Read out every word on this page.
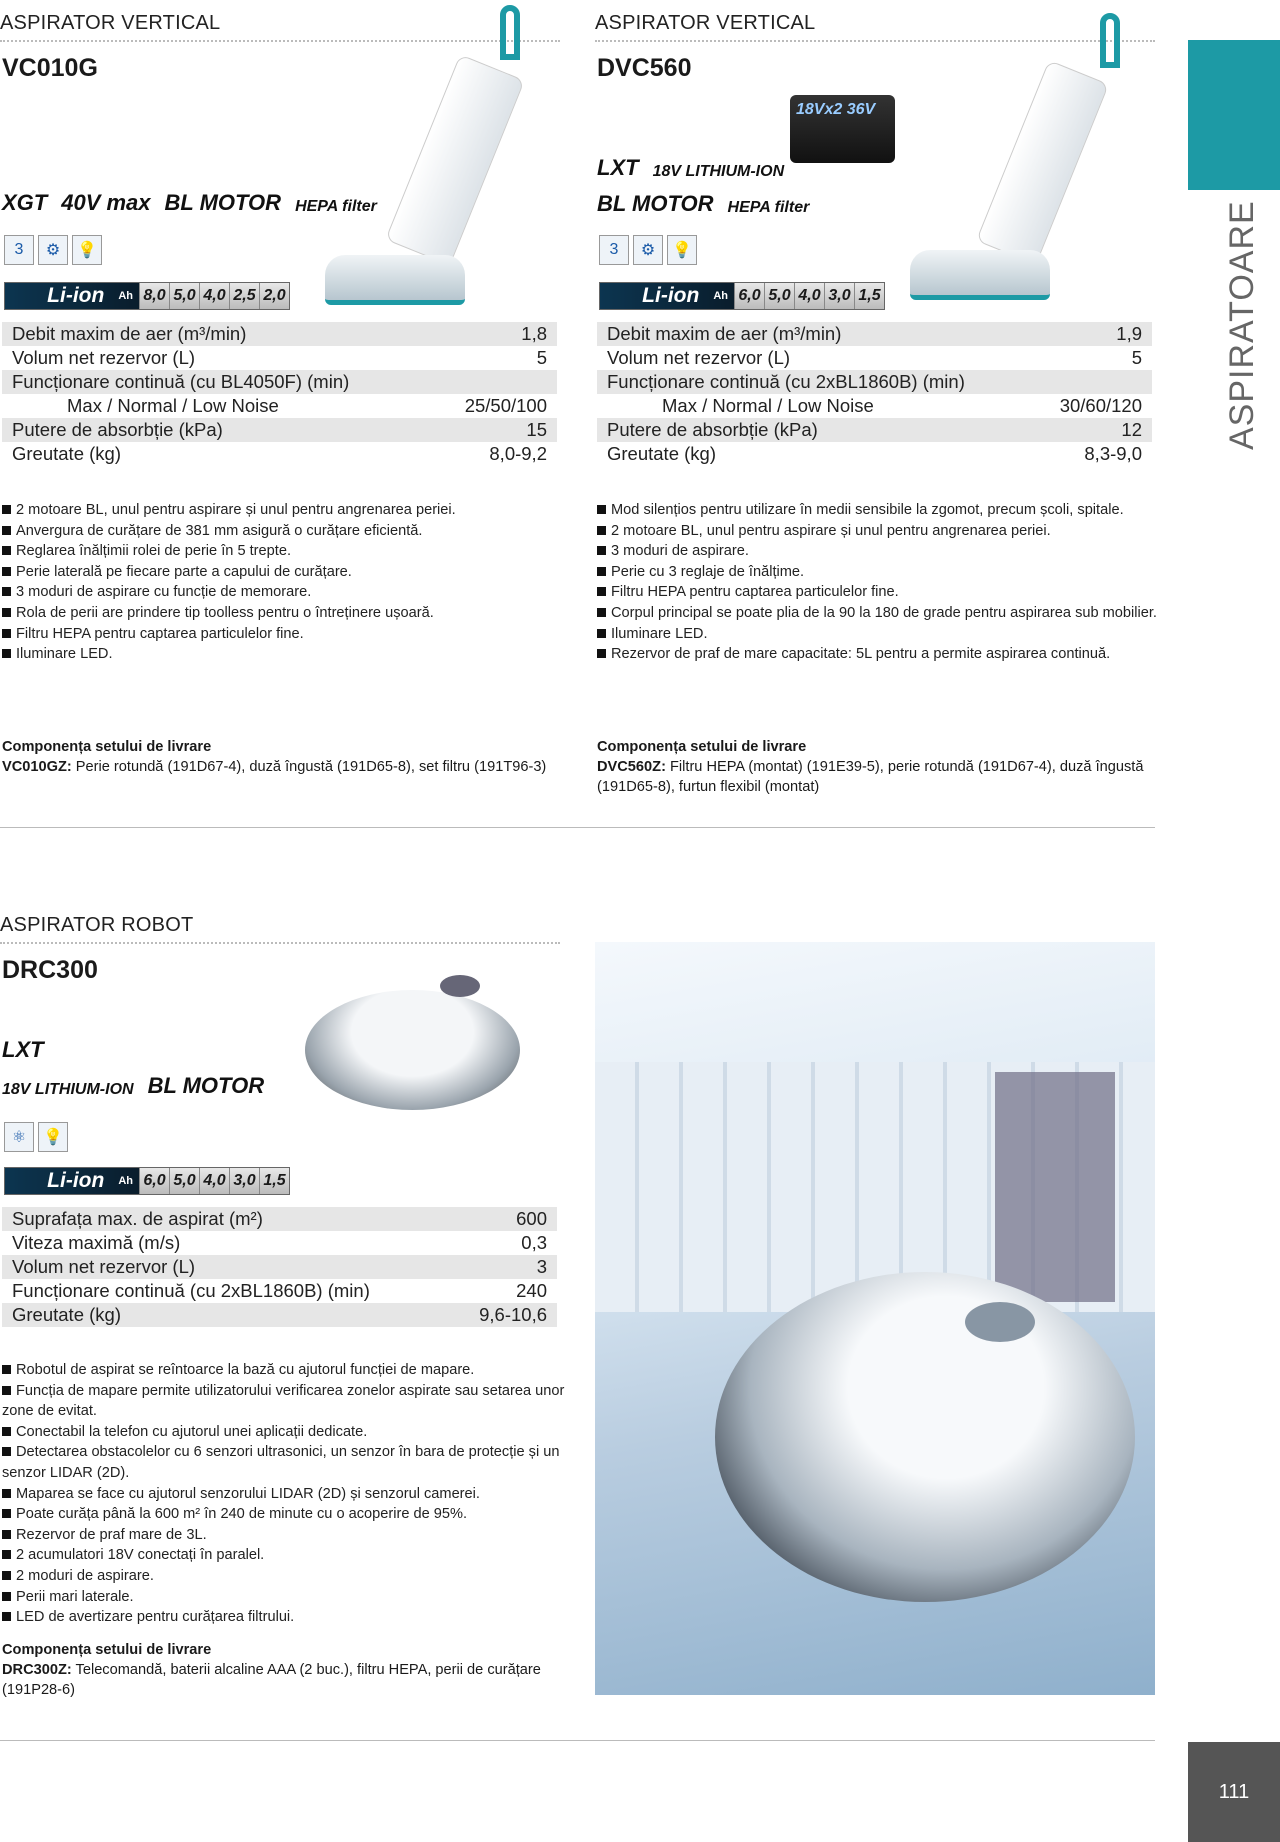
ASPIRATOARE
111
ASPIRATOR VERTICAL
VC010G
XGT 40V max BL MOTOR HEPA filter
3	⚙	💡
Li-ion Ah 8,0 5,0 4,0 2,5 2,0
Debit maxim de aer (m³/min)	1,8
Volum net rezervor (L)	5
Funcționare continuă (cu BL4050F) (min)	
Max / Normal / Low Noise	25/50/100
Putere de absorbție (kPa)	15
Greutate (kg)	8,0-9,2
2 motoare BL, unul pentru aspirare și unul pentru angrenarea periei.
Anvergura de curățare de 381 mm asigură o curățare eficientă.
Reglarea înălțimii rolei de perie în 5 trepte.
Perie laterală pe fiecare parte a capului de curățare.
3 moduri de aspirare cu funcție de memorare.
Rola de perii are prindere tip toolless pentru o întreținere ușoară.
Filtru HEPA pentru captarea particulelor fine.
Iluminare LED.
Componența setului de livrare
VC010GZ: Perie rotundă (191D67-4), duză îngustă (191D65-8), set filtru (191T96-3)
ASPIRATOR VERTICAL
DVC560
LXT 18V LITHIUM-ION
BL MOTOR HEPA filter
3	⚙	💡
Li-ion Ah 6,0 5,0 4,0 3,0 1,5
Debit maxim de aer (m³/min)	1,9
Volum net rezervor (L)	5
Funcționare continuă (cu 2xBL1860B) (min)	
Max / Normal / Low Noise	30/60/120
Putere de absorbție (kPa)	12
Greutate (kg)	8,3-9,0
Mod silențios pentru utilizare în medii sensibile la zgomot, precum școli, spitale.
2 motoare BL, unul pentru aspirare și unul pentru angrenarea periei.
3 moduri de aspirare.
Perie cu 3 reglaje de înălțime.
Filtru HEPA pentru captarea particulelor fine.
Corpul principal se poate plia de la 90 la 180 de grade pentru aspirarea sub mobilier.
Iluminare LED.
Rezervor de praf de mare capacitate: 5L pentru a permite aspirarea continuă.
Componența setului de livrare
DVC560Z: Filtru HEPA (montat) (191E39-5), perie rotundă (191D67-4), duză îngustă (191D65-8), furtun flexibil (montat)
ASPIRATOR ROBOT
DRC300
LXT
18V LITHIUM-ION BL MOTOR
⚛	💡
Li-ion Ah 6,0 5,0 4,0 3,0 1,5
Suprafața max. de aspirat (m²)	600
Viteza maximă (m/s)	0,3
Volum net rezervor (L)	3
Funcționare continuă (cu 2xBL1860B) (min)	240
Greutate (kg)	9,6-10,6
Robotul de aspirat se reîntoarce la bază cu ajutorul funcției de mapare.
Funcția de mapare permite utilizatorului verificarea zonelor aspirate sau setarea unor zone de evitat.
Conectabil la telefon cu ajutorul unei aplicații dedicate.
Detectarea obstacolelor cu 6 senzori ultrasonici, un senzor în bara de protecție și un senzor LIDAR (2D).
Maparea se face cu ajutorul senzorului LIDAR (2D) și senzorul camerei.
Poate curăța până la 600 m² în 240 de minute cu o acoperire de 95%.
Rezervor de praf mare de 3L.
2 acumulatori 18V conectați în paralel.
2 moduri de aspirare.
Perii mari laterale.
LED de avertizare pentru curățarea filtrului.
Componența setului de livrare
DRC300Z: Telecomandă, baterii alcaline AAA (2 buc.), filtru HEPA, perii de curățare (191P28-6)
18Vx2 36V
